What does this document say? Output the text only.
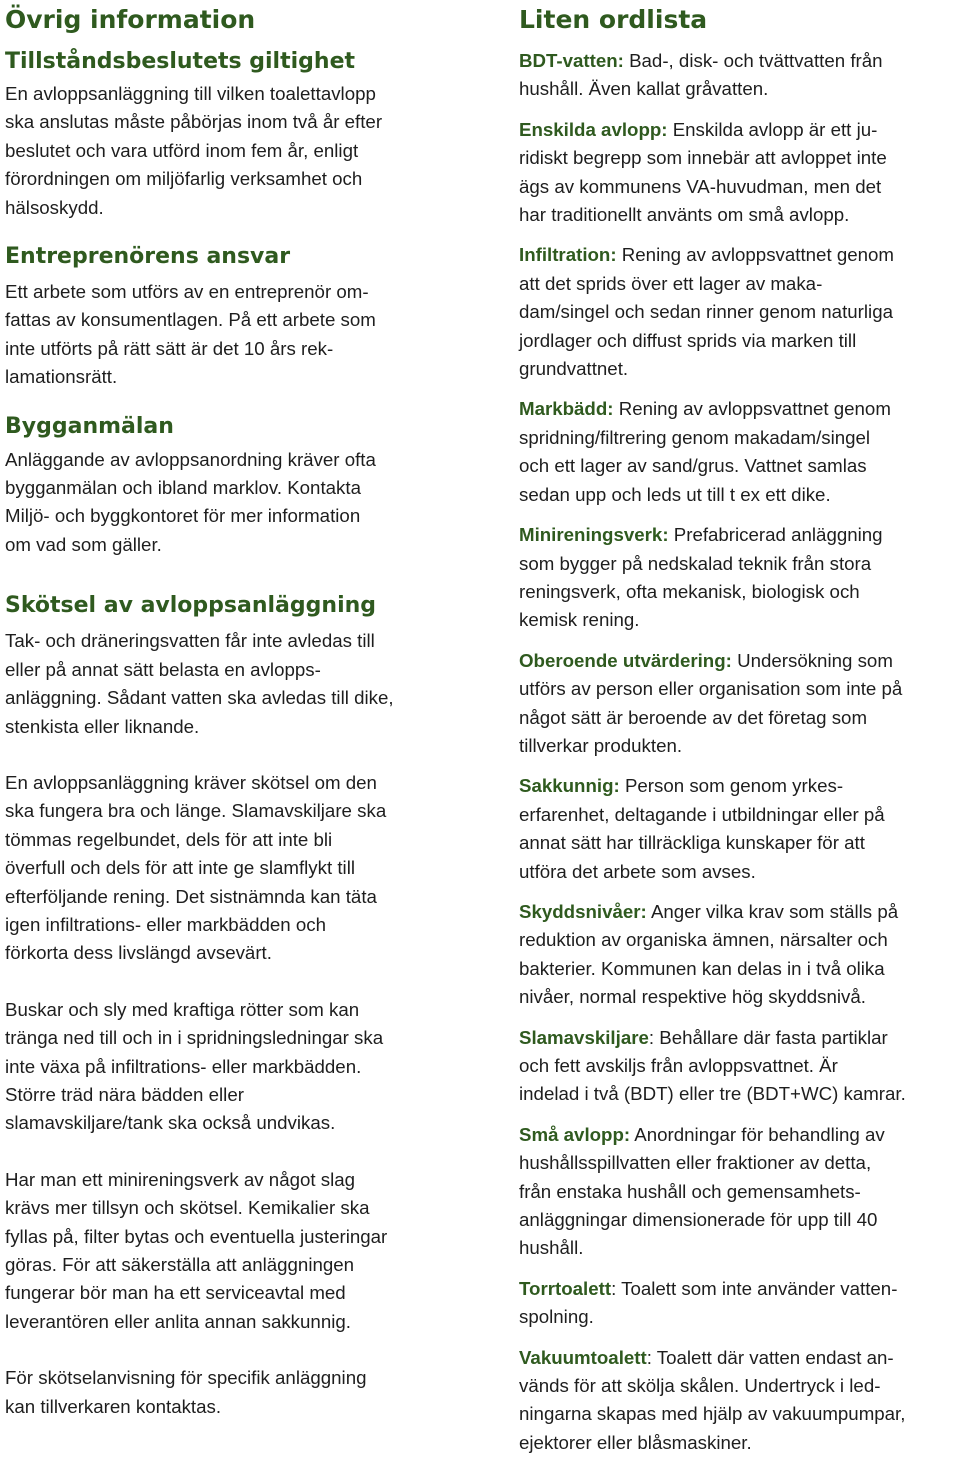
Övrig information
Tillståndsbeslutets giltighet

En avloppsanläggning till vilken toalettavlopp
ska anslutas måste påbörjas inom två år efter
beslutet och vara utförd inom fem år, enligt
förordningen om miljöfarlig verksamhet och
hälsoskydd.

Entreprenörens ansvar

Ett arbete som utförs av en entreprenör om-
fattas av konsumentlagen. På ett arbete som
inte utförts på rätt sätt är det 10 års rek-
lamationsrätt.

Bygganmälan

Anläggande av avloppsanordning kräver ofta
bygganmälan och ibland marklov. Kontakta
Miljö- och byggkontoret för mer information
om vad som gäller.

Skötsel av avloppsanläggning

Tak- och dräneringsvatten får inte avledas till
eller på annat sätt belasta en avlopps-
anläggning. Sådant vatten ska avledas till dike,
stenkista eller liknande.

En avloppsanläggning kräver skötsel om den
ska fungera bra och länge. Slamavskiljare ska
tömmas regelbundet, dels för att inte bli
överfull och dels för att inte ge slamflykt till
efterföljande rening. Det sistnämnda kan täta
igen infiltrations- eller markbädden och
förkorta dess livslängd avsevärt.

Buskar och sly med kraftiga rötter som kan
tränga ned till och in i spridningsledningar ska
inte växa på infiltrations- eller markbädden.
Större träd nära bädden eller
slamavskiljare/tank ska också undvikas.

Har man ett minireningsverk av något slag
krävs mer tillsyn och skötsel. Kemikalier ska
fyllas på, filter bytas och eventuella justeringar
göras. För att säkerställa att anläggningen
fungerar bör man ha ett serviceavtal med
leverantören eller anlita annan sakkunnig.

För skötselanvisning för specifik anläggning
kan tillverkaren kontaktas.

Liten ordlista

BDT-vatten: Bad-, disk- och tvättvatten från
hushåll. Även kallat gråvatten.

Enskilda avlopp: Enskilda avlopp är ett ju-
ridiskt begrepp som innebär att avloppet inte
ägs av kommunens VA-huvudman, men det
har traditionellt använts om små avlopp.

Infiltration: Rening av avloppsvattnet genom
att det sprids över ett lager av maka-
dam/singel och sedan rinner genom naturliga
jordlager och diffust sprids via marken till
grundvattnet.

Markbädd: Rening av avloppsvattnet genom
spridning/filtrering genom makadam/singel
och ett lager av sand/grus. Vattnet samlas
sedan upp och leds ut till t ex ett dike.

Minireningsverk: Prefabricerad anläggning
som bygger på nedskalad teknik från stora
reningsverk, ofta mekanisk, biologisk och
kemisk rening.

Oberoende utvärdering: Undersökning som
utförs av person eller organisation som inte på
något sätt är beroende av det företag som
tillverkar produkten.

Sakkunnig: Person som genom yrkes-
erfarenhet, deltagande i utbildningar eller på
annat sätt har tillräckliga kunskaper för att
utföra det arbete som avses.

Skyddsnivåer: Anger vilka krav som ställs på
reduktion av organiska ämnen, närsalter och
bakterier. Kommunen kan delas in i två olika
nivåer, normal respektive hög skyddsnivå.

Slamavskiljare: Behållare där fasta partiklar
och fett avskiljs från avloppsvattnet. Är
indelad i två (BDT) eller tre (BDT+WC) kamrar.

Små avlopp: Anordningar för behandling av
hushållsspillvatten eller fraktioner av detta,
från enstaka hushåll och gemensamhets-
anläggningar dimensionerade för upp till 40
hushåll.

Torrtoalett: Toalett som inte använder vatten-
spolning.

Vakuumtoalett: Toalett där vatten endast an-
vänds för att skölja skålen. Undertryck i led-
ningarna skapas med hjälp av vakuumpumpar,
ejektorer eller blåsmaskiner.
